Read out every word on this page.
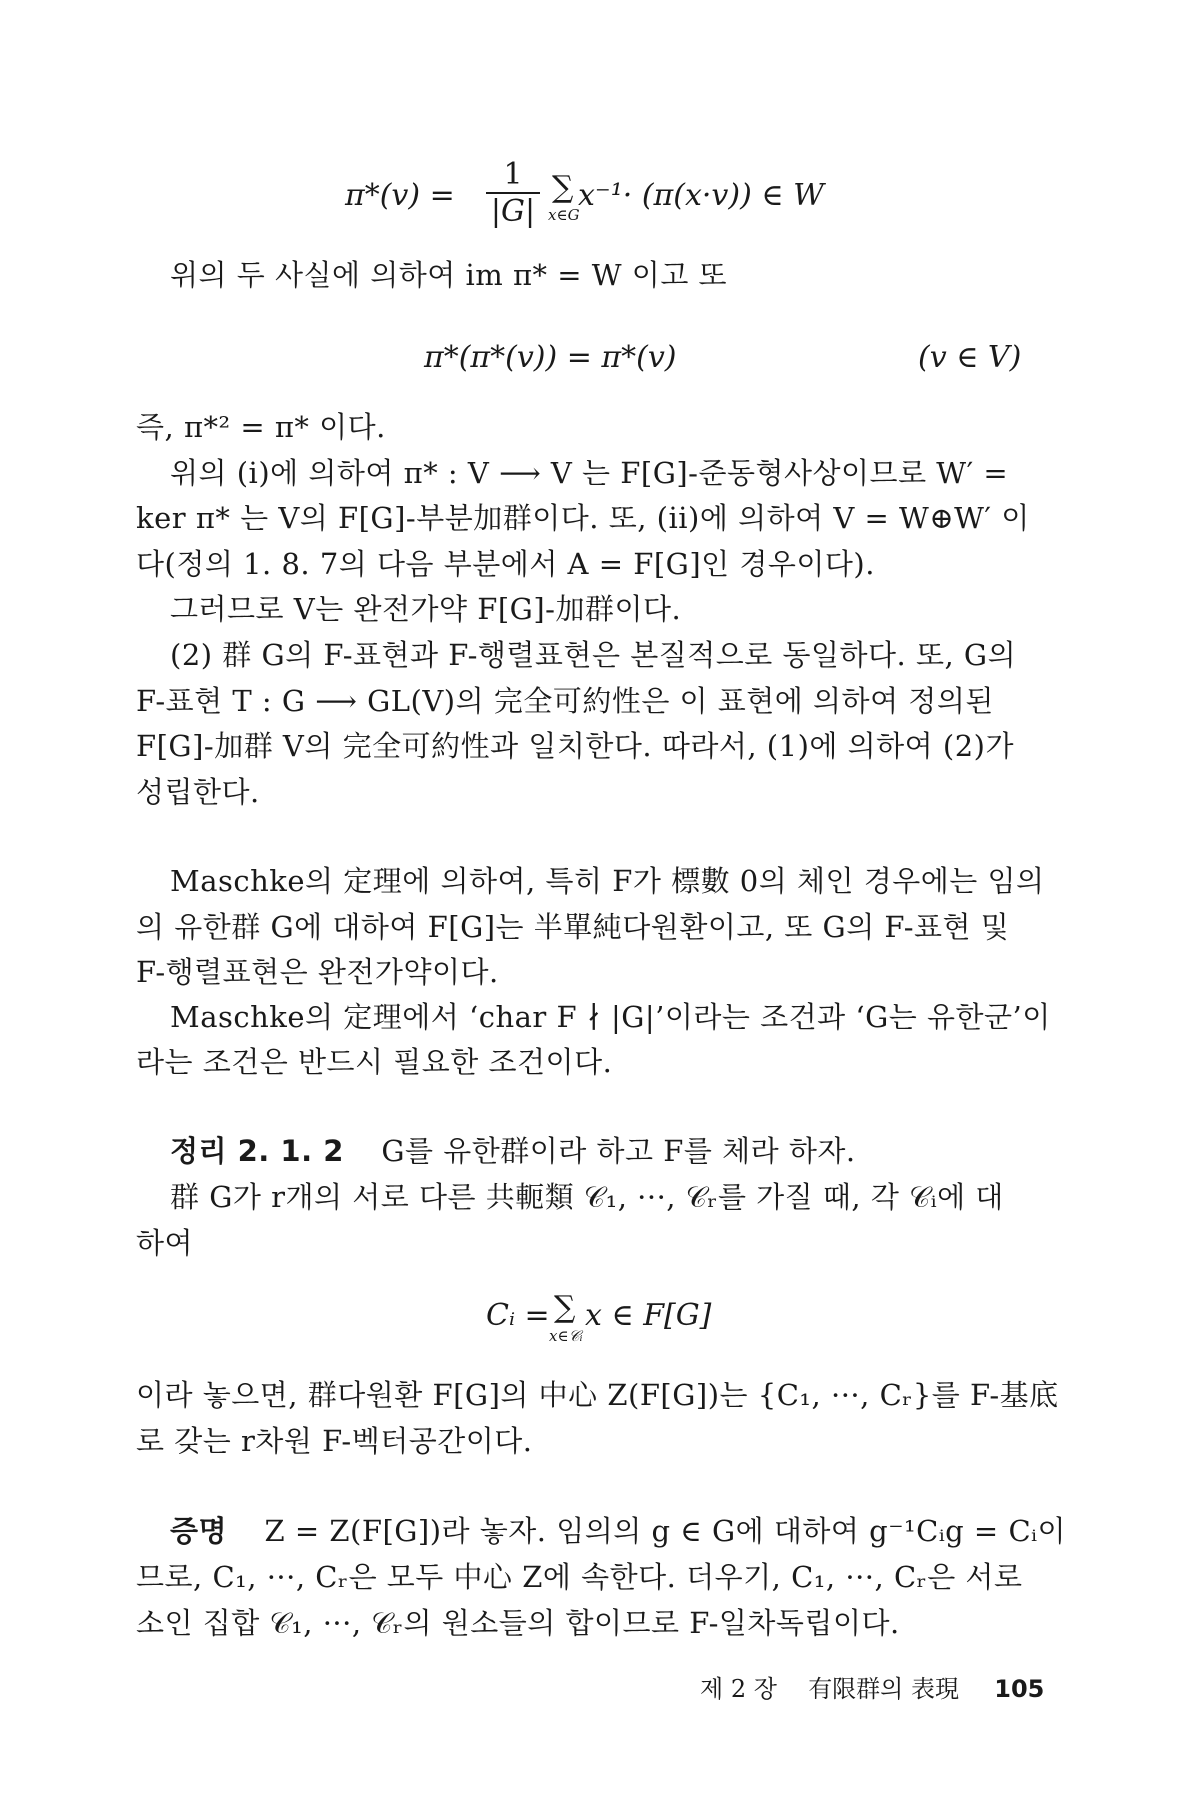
$\pi*(v) = \frac{1}{|G|}$ ∑
x∈G
x⁻¹· (π(x·v)) ∈ W
위의 두 사실에 의하여 im π* = W 이고 또
π*(π*(v)) = π*(v)	(v ∈ V)
즉, π*² = π* 이다.
위의 (i)에 의하여 π* : V ⟶ V 는 F[G]-준동형사상이므로 W′ =
ker π* 는 V의 F[G]-부분加群이다. 또, (ii)에 의하여 V = W⊕W′ 이
다(정의 1. 8. 7의 다음 부분에서 A = F[G]인 경우이다).
그러므로 V는 완전가약 F[G]-加群이다.
(2) 群 G의 F-표현과 F-행렬표현은 본질적으로 동일하다. 또, G의
F-표현 T : G ⟶ GL(V)의 完全可約性은 이 표현에 의하여 정의된
F[G]-加群 V의 完全可約性과 일치한다. 따라서, (1)에 의하여 (2)가
성립한다.
Maschke의 定理에 의하여, 특히 F가 標數 0의 체인 경우에는 임의
의 유한群 G에 대하여 F[G]는 半單純다원환이고, 또 G의 F-표현 및
F-행렬표현은 완전가약이다.
Maschke의 定理에서 ‘char F ∤ |G|’이라는 조건과 ‘G는 유한군’이
라는 조건은 반드시 필요한 조건이다.
정리 2. 1. 2 G를 유한群이라 하고 F를 체라 하자.
群 G가 r개의 서로 다른 共軛類 𝒞₁, ···, 𝒞ᵣ를 가질 때, 각 𝒞ᵢ에 대
하여
Cᵢ = ∑
x∈𝒞ᵢ
x ∈ F[G]
이라 놓으면, 群다원환 F[G]의 中心 Z(F[G])는 {C₁, ···, Cᵣ}를 F-基底
로 갖는 r차원 F-벡터공간이다.
증명 Z = Z(F[G])라 놓자. 임의의 g ∈ G에 대하여 g⁻¹Cᵢg = Cᵢ이
므로, C₁, ···, Cᵣ은 모두 中心 Z에 속한다. 더우기, C₁, ···, Cᵣ은 서로
소인 집합 𝒞₁, ···, 𝒞ᵣ의 원소들의 합이므로 F-일차독립이다.
제 2 장 有限群의 表現 105
